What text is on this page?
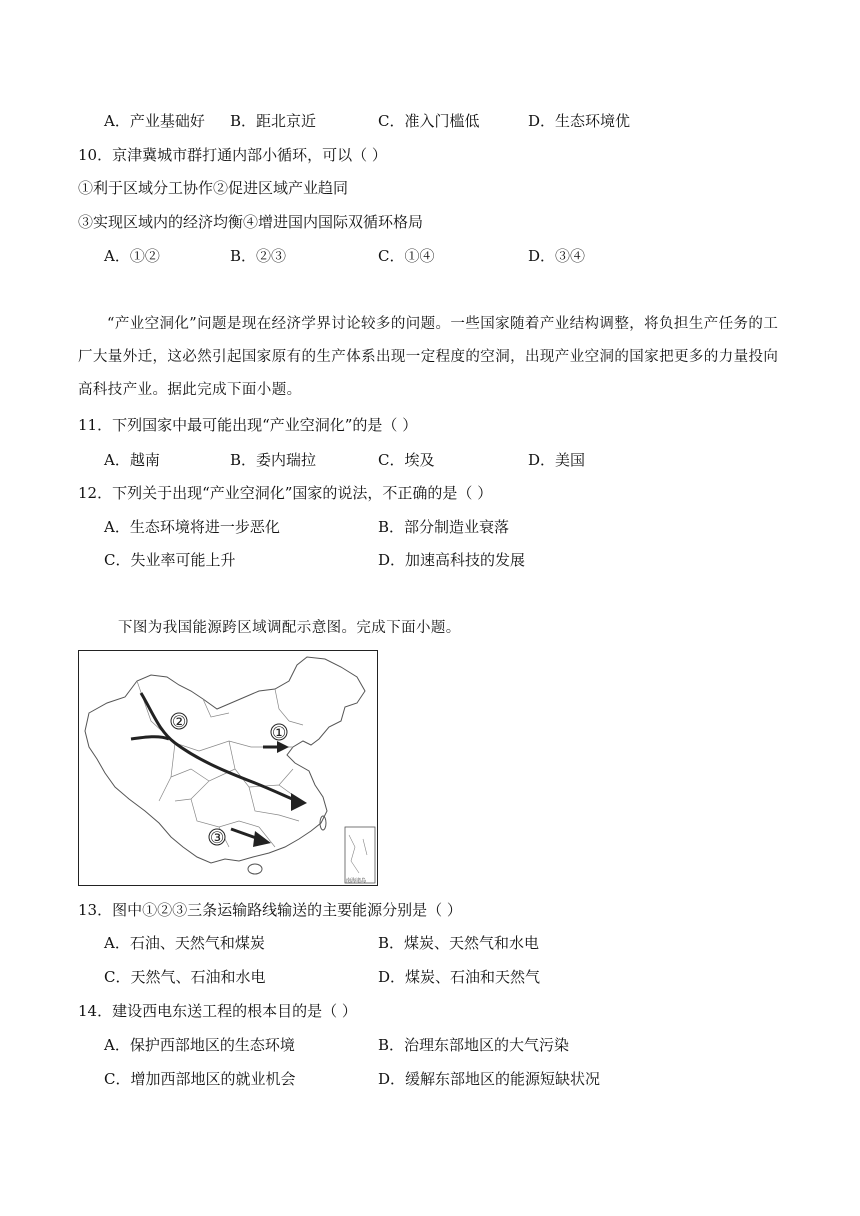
A．产业基础好 B．距北京近	C．准入门槛低	D．生态环境优
10．京津冀城市群打通内部小循环，可以（ ）
①利于区域分工协作②促进区域产业趋同
③实现区域内的经济均衡④增进国内国际双循环格局
A．①②	B．②③	C．①④	D．③④

“产业空洞化”问题是现在经济学界讨论较多的问题。一些国家随着产业结构调整，将负担生产任务的工厂大量外迁，这必然引起国家原有的生产体系出现一定程度的空洞，出现产业空洞的国家把更多的力量投向高科技产业。据此完成下面小题。

11．下列国家中最可能出现“产业空洞化”的是（ ）
A．越南	B．委内瑞拉	C．埃及	D．美国
12．下列关于出现“产业空洞化”国家的说法，不正确的是（ ）
A．生态环境将进一步恶化	B．部分制造业衰落
C．失业率可能上升	D．加速高科技的发展
下图为我国能源跨区域调配示意图。完成下面小题。
南海诸岛
①
②
③
13．图中①②③三条运输路线输送的主要能源分别是（ ）
A．石油、天然气和煤炭	B．煤炭、天然气和水电
C．天然气、石油和水电	D．煤炭、石油和天然气
14．建设西电东送工程的根本目的是（ ）
A．保护西部地区的生态环境	B．治理东部地区的大气污染
C．增加西部地区的就业机会	D．缓解东部地区的能源短缺状况
